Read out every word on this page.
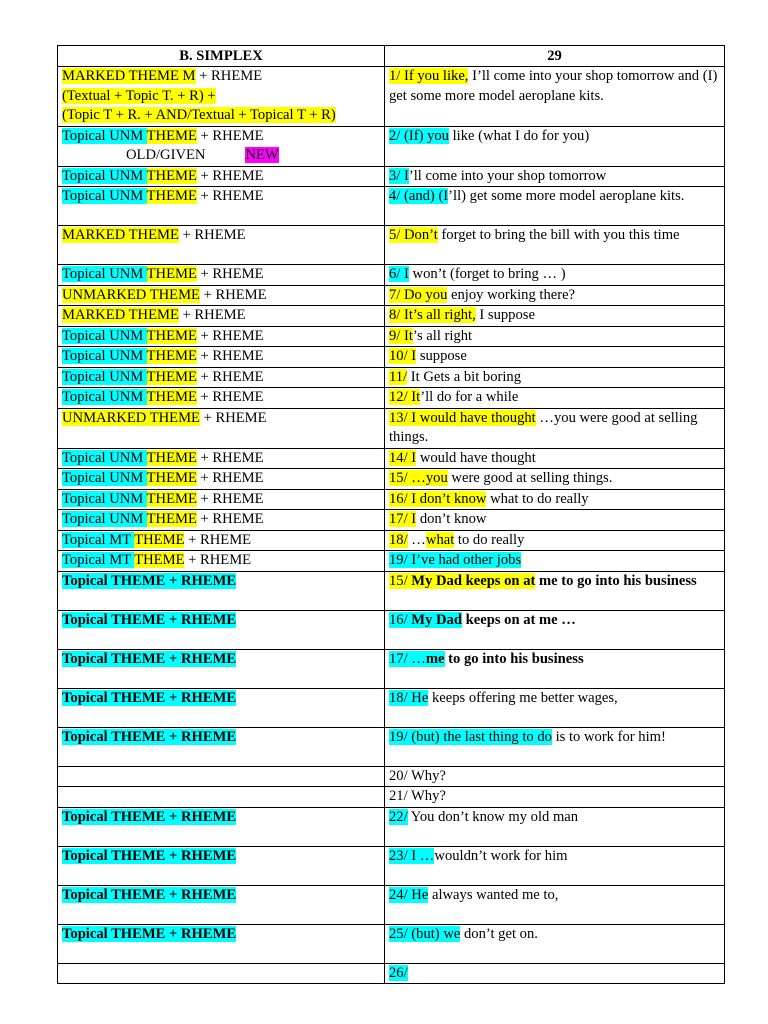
B. SIMPLEX	29
MARKED THEME M + RHEME
(Textual + Topic T. + R) +
(Topic T + R. + AND/Textual + Topical T + R)	1/ If you like, I’ll come into your shop tomorrow and (I) get some more model aeroplane kits.
Topical UNM THEME + RHEME
OLD/GIVEN NEW	2/ (If) you like (what I do for you)
Topical UNM THEME + RHEME	3/ I’ll come into your shop tomorrow
Topical UNM THEME + RHEME	4/ (and) (I’ll) get some more model aeroplane kits.
MARKED THEME + RHEME	5/ Don’t forget to bring the bill with you this time
Topical UNM THEME + RHEME	6/ I won’t (forget to bring … )
UNMARKED THEME + RHEME	7/ Do you enjoy working there?
MARKED THEME + RHEME	8/ It’s all right, I suppose
Topical UNM THEME + RHEME	9/ It’s all right
Topical UNM THEME + RHEME	10/ I suppose
Topical UNM THEME + RHEME	11/ It Gets a bit boring
Topical UNM THEME + RHEME	12/ It’ll do for a while
UNMARKED THEME + RHEME	13/ I would have thought …you were good at selling things.
Topical UNM THEME + RHEME	14/ I would have thought
Topical UNM THEME + RHEME	15/ …you were good at selling things.
Topical UNM THEME + RHEME	16/ I don’t know what to do really
Topical UNM THEME + RHEME	17/ I don’t know
Topical MT THEME + RHEME	18/ …what to do really
Topical MT THEME + RHEME	19/ I’ve had other jobs
Topical THEME + RHEME	15/ My Dad keeps on at me to go into his business
Topical THEME + RHEME	16/ My Dad keeps on at me …
Topical THEME + RHEME	17/ …me to go into his business
Topical THEME + RHEME	18/ He keeps offering me better wages,
Topical THEME + RHEME	19/ (but) the last thing to do is to work for him!
	20/ Why?
	21/ Why?
Topical THEME + RHEME	22/ You don’t know my old man
Topical THEME + RHEME	23/ I …wouldn’t work for him
Topical THEME + RHEME	24/ He always wanted me to,
Topical THEME + RHEME	25/ (but) we don’t get on.
	26/
